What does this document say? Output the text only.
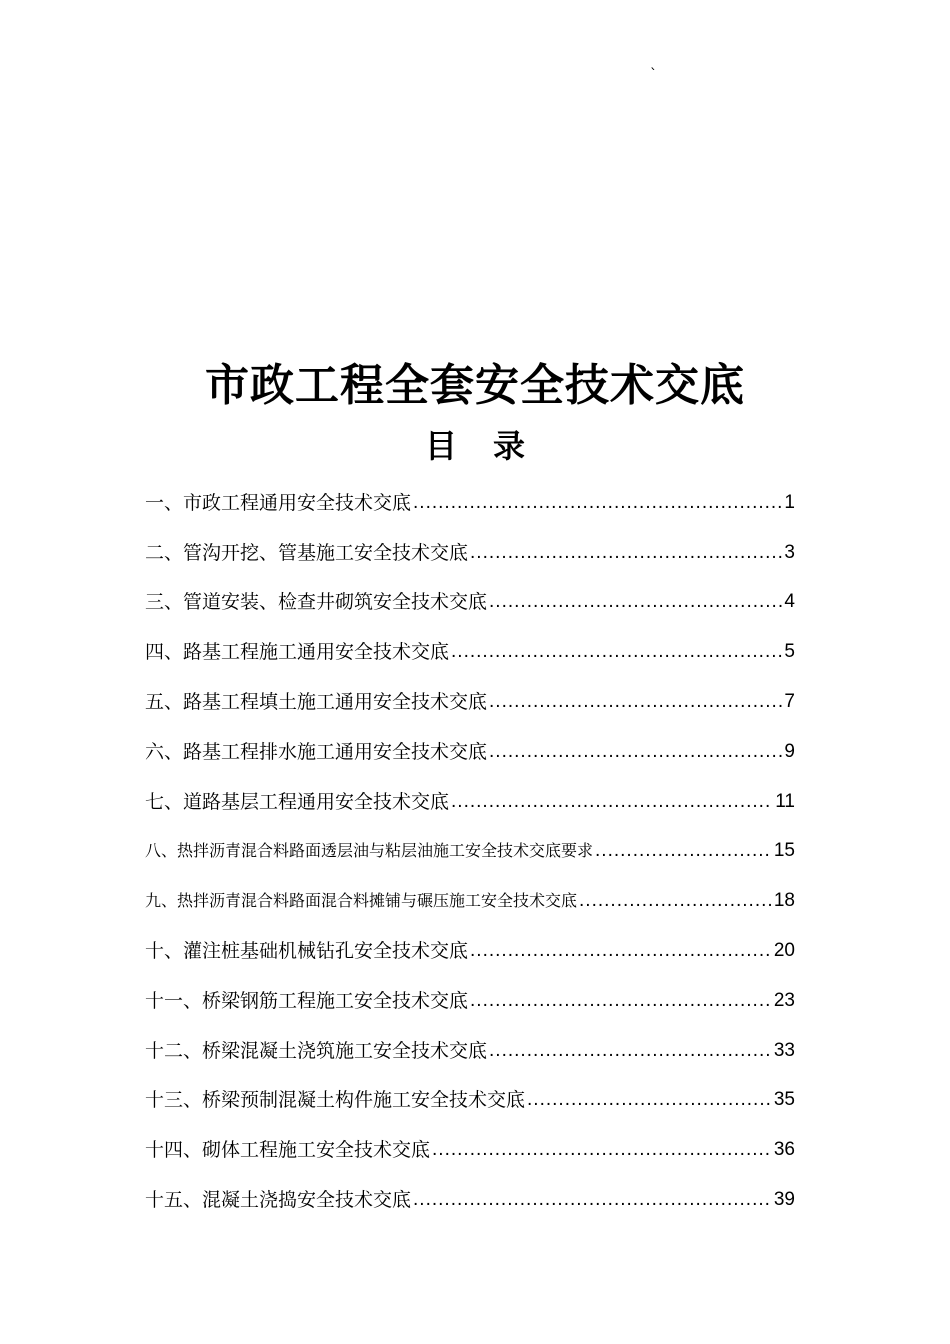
`
市政工程全套安全技术交底
目 录
一、市政工程通用安全技术交底 .....	1
二、管沟开挖、管基施工安全技术交底 .....	3
三、管道安装、检查井砌筑安全技术交底 .....	4
四、路基工程施工通用安全技术交底 .....	5
五、路基工程填土施工通用安全技术交底 .....	7
六、路基工程排水施工通用安全技术交底 .....	9
七、道路基层工程通用安全技术交底 .....	11
八、热拌沥青混合料路面透层油与粘层油施工安全技术交底要求 .....	15
九、热拌沥青混合料路面混合料摊铺与碾压施工安全技术交底 .....	18
十、灌注桩基础机械钻孔安全技术交底 .....	20
十一、桥梁钢筋工程施工安全技术交底 .....	23
十二、桥梁混凝土浇筑施工安全技术交底 .....	33
十三、桥梁预制混凝土构件施工安全技术交底 .....	35
十四、砌体工程施工安全技术交底 .....	36
十五、混凝土浇捣安全技术交底 .....	39
